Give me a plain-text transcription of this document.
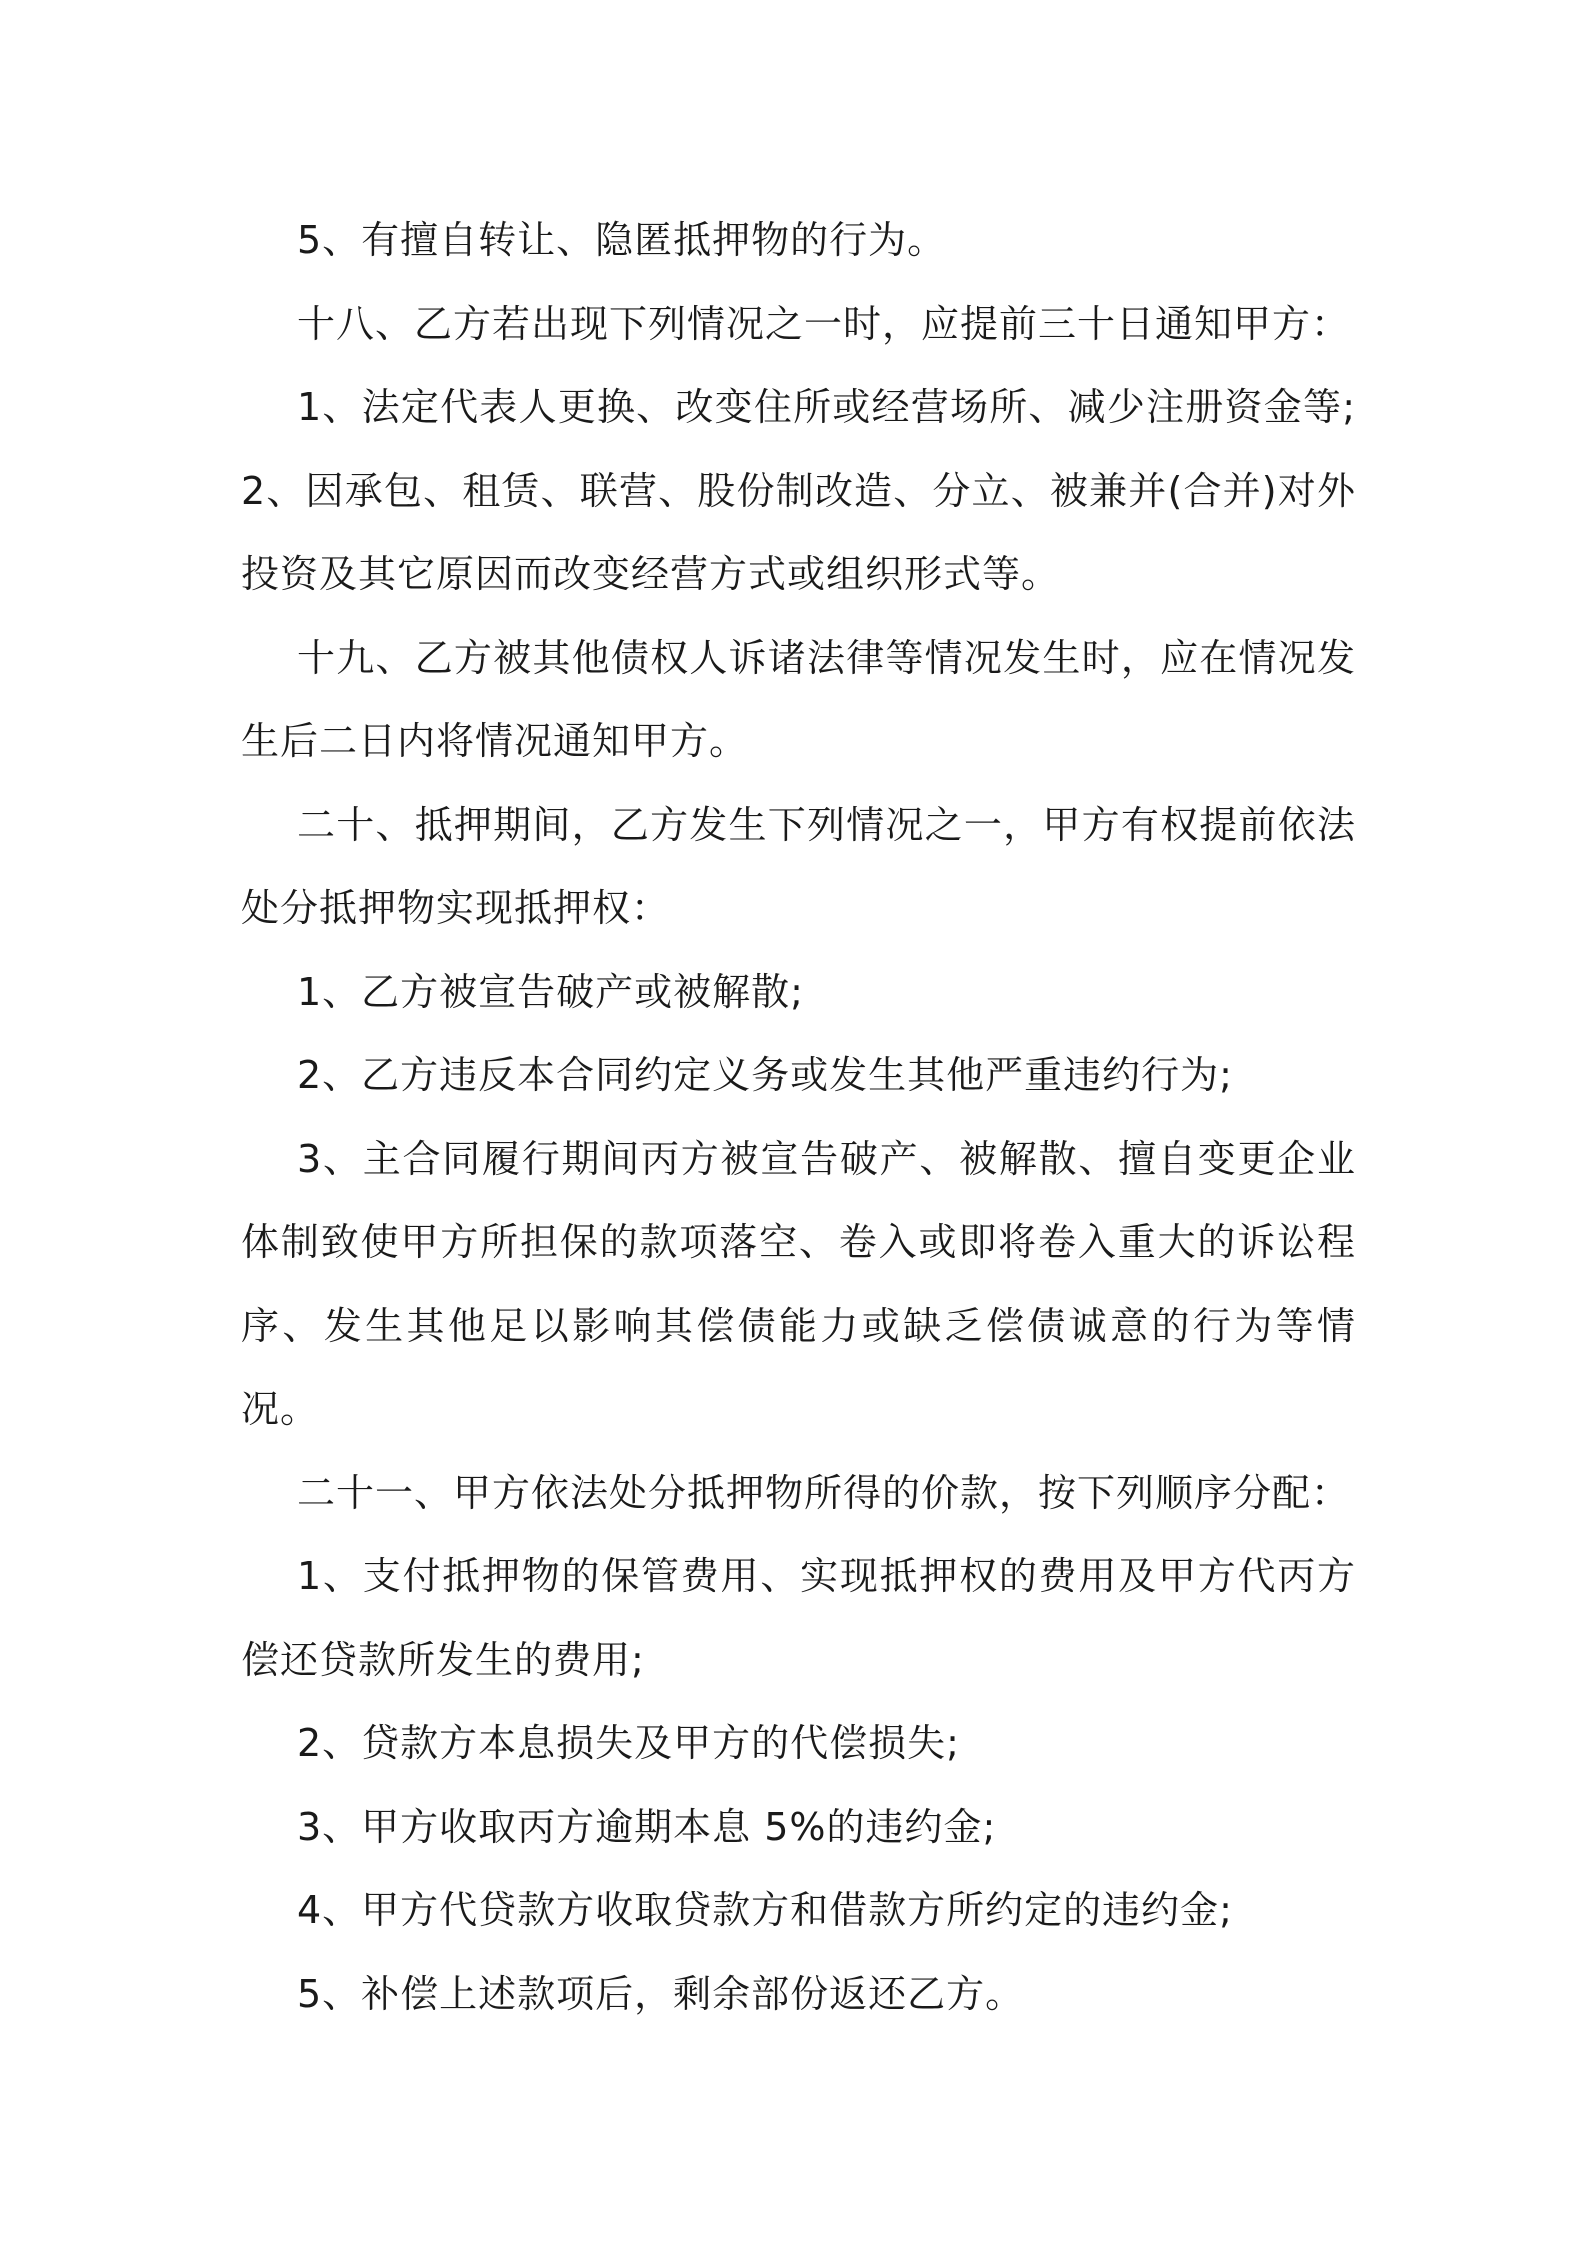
5、有擅自转让、隐匿抵押物的行为。

十八、乙方若出现下列情况之一时，应提前三十日通知甲方：

1、法定代表人更换、改变住所或经营场所、减少注册资金等; 2、因承包、租赁、联营、股份制改造、分立、被兼并(合并)对外投资及其它原因而改变经营方式或组织形式等。

十九、乙方被其他债权人诉诸法律等情况发生时，应在情况发生后二日内将情况通知甲方。

二十、抵押期间，乙方发生下列情况之一，甲方有权提前依法处分抵押物实现抵押权：

1、乙方被宣告破产或被解散;

2、乙方违反本合同约定义务或发生其他严重违约行为;

3、主合同履行期间丙方被宣告破产、被解散、擅自变更企业体制致使甲方所担保的款项落空、卷入或即将卷入重大的诉讼程序、发生其他足以影响其偿债能力或缺乏偿债诚意的行为等情况。

二十一、甲方依法处分抵押物所得的价款，按下列顺序分配：

1、支付抵押物的保管费用、实现抵押权的费用及甲方代丙方偿还贷款所发生的费用;

2、贷款方本息损失及甲方的代偿损失;

3、甲方收取丙方逾期本息 5%的违约金;

4、甲方代贷款方收取贷款方和借款方所约定的违约金;

5、补偿上述款项后，剩余部份返还乙方。
